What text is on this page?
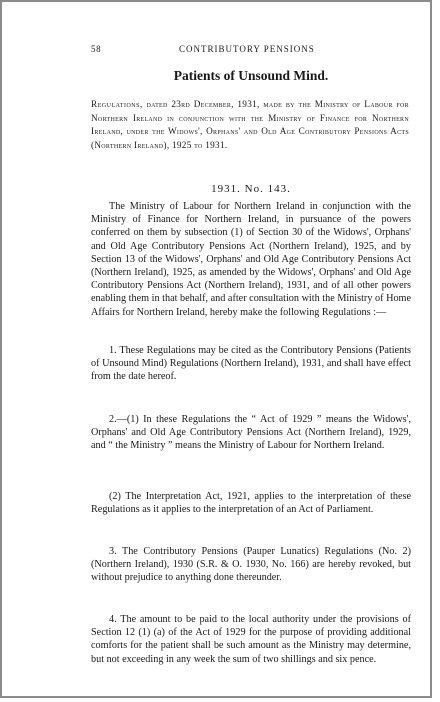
58	CONTRIBUTORY PENSIONS
Patients of Unsound Mind.
Regulations, dated 23rd December, 1931, made by the Ministry of Labour for Northern Ireland in conjunction with the Ministry of Finance for Northern Ireland, under the Widows', Orphans' and Old Age Contributory Pensions Acts (Northern Ireland), 1925 to 1931.
1931. No. 143.

The Ministry of Labour for Northern Ireland in conjunction with the Ministry of Finance for Northern Ireland, in pursuance of the powers conferred on them by subsection (1) of Section 30 of the Widows', Orphans' and Old Age Contributory Pensions Act (Northern Ireland), 1925, and by Section 13 of the Widows', Orphans' and Old Age Contributory Pensions Act (Northern Ireland), 1925, as amended by the Widows', Orphans' and Old Age Contributory Pensions Act (Northern Ireland), 1931, and of all other powers enabling them in that behalf, and after consultation with the Ministry of Home Affairs for Northern Ireland, hereby make the following Regulations :—

1. These Regulations may be cited as the Contributory Pensions (Patients of Unsound Mind) Regulations (Northern Ireland), 1931, and shall have effect from the date hereof.

2.—(1) In these Regulations the “ Act of 1929 ” means the Widows', Orphans' and Old Age Contributory Pensions Act (Northern Ireland), 1929, and “ the Ministry ” means the Ministry of Labour for Northern Ireland.

(2) The Interpretation Act, 1921, applies to the interpretation of these Regulations as it applies to the interpretation of an Act of Parliament.

3. The Contributory Pensions (Pauper Lunatics) Regulations (No. 2) (Northern Ireland), 1930 (S.R. & O. 1930, No. 166) are hereby revoked, but without prejudice to anything done thereunder.

4. The amount to be paid to the local authority under the provisions of Section 12 (1) (a) of the Act of 1929 for the purpose of providing additional comforts for the patient shall be such amount as the Ministry may determine, but not exceeding in any week the sum of two shillings and six pence.
